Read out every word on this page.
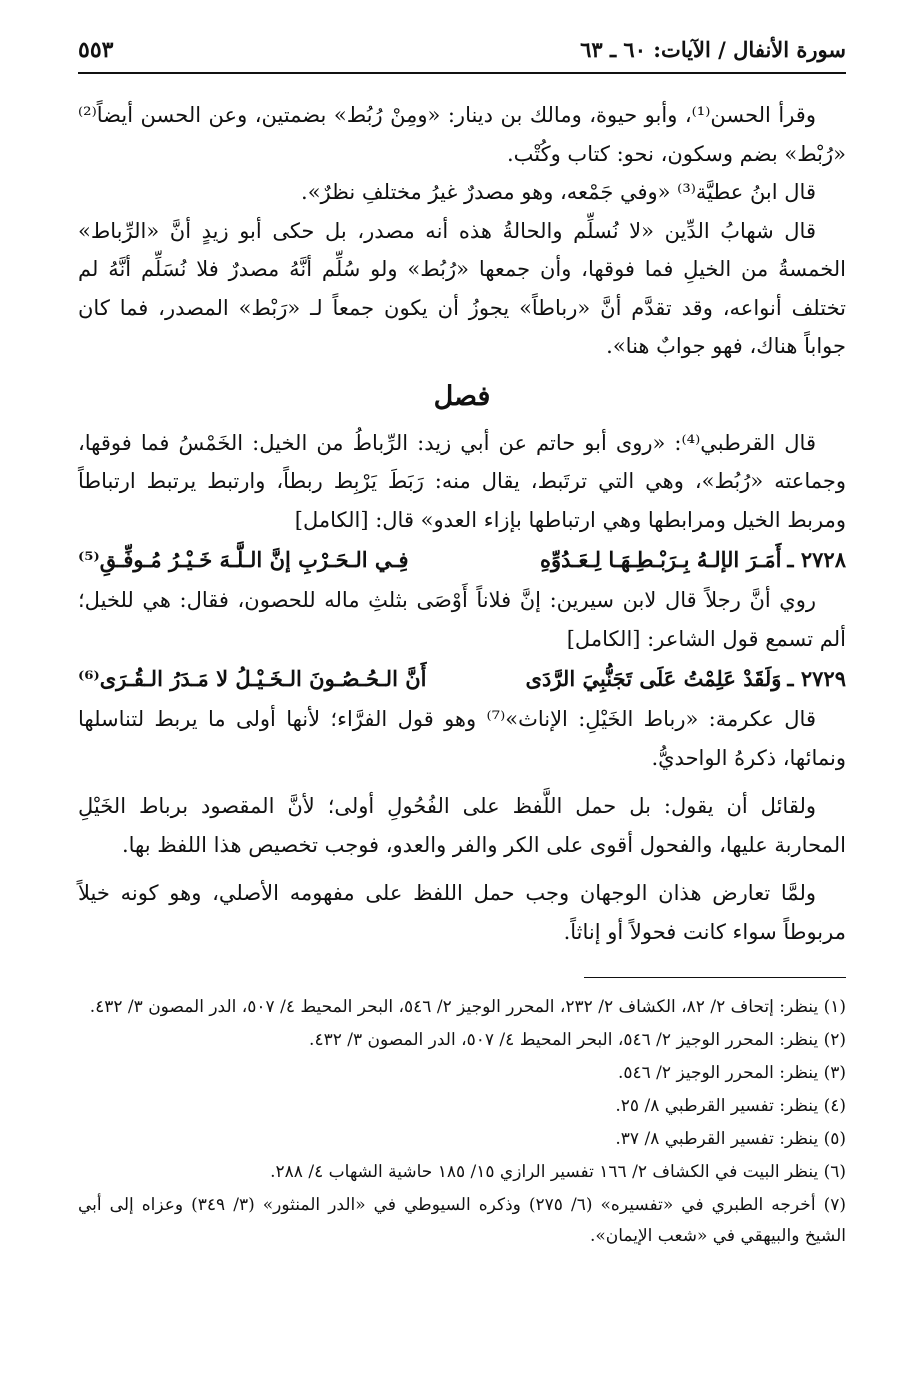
سورة الأنفال / الآيات: ٦٠ ـ ٦٣
٥٥٣

وقرأ الحسن⁽¹⁾، وأبو حيوة، ومالك بن دينار: «ومِنْ رُبُط» بضمتين، وعن الحسن أيضاً⁽²⁾ «رُبْط» بضم وسكون، نحو: كتاب وكُتْب.

قال ابنُ عطيَّة⁽³⁾ «وفي جَمْعه، وهو مصدرٌ غيرُ مختلفِ نظرٌ».

قال شهابُ الدِّين «لا نُسلِّم والحالةُ هذه أنه مصدر، بل حكى أبو زيدٍ أنَّ «الرِّباط» الخمسةُ من الخيلِ فما فوقها، وأن جمعها «رُبُط» ولو سُلِّم أنَّهُ مصدرٌ فلا نُسَلِّم أنَّهُ لم تختلف أنواعه، وقد تقدَّم أنَّ «رباطاً» يجوزُ أن يكون جمعاً لـ «رَبْط» المصدر، فما كان جواباً هناك، فهو جوابٌ هنا».

فصل

قال القرطبي⁽⁴⁾: «روى أبو حاتم عن أبي زيد: الرِّباطُ من الخيل: الخَمْسُ فما فوقها، وجماعته «رُبُط»، وهي التي ترتَبط، يقال منه: رَبَطَ يَرْبِط ربطاً، وارتبط يرتبط ارتباطاً ومربط الخيل ومرابطها وهي ارتباطها بإزاء العدو» قال: [الكامل]

٢٧٢٨ ـ
أَمَـرَ الإلـهُ بِـرَبْـطِـهَـا لِـعَـدُوِّهِ
فِـي الـحَـرْبِ إنَّ الـلَّـهَ خَـيْـرُ مُـوفِّـقِ⁽⁵⁾

روي أنَّ رجلاً قال لابن سيرين: إنَّ فلاناً أَوْصَى بثلثِ ماله للحصون، فقال: هي للخيل؛ ألم تسمع قول الشاعر: [الكامل]

٢٧٢٩ ـ
وَلَقَدْ عَلِمْتُ عَلَى تَجَنُّبِيَ الرَّدَى
أَنَّ الـحُـصُـونَ الـخَـيْـلُ لا مَـدَرُ الـقُـرَى⁽⁶⁾

قال عكرمة: «رباط الخَيْلِ: الإناث»⁽⁷⁾ وهو قول الفرَّاء؛ لأنها أولى ما يربط لتناسلها ونمائها، ذكرهُ الواحديُّ.

ولقائل أن يقول: بل حمل اللَّفظ على الفُحُولِ أولى؛ لأنَّ المقصود برباط الخَيْلِ المحاربة عليها، والفحول أقوى على الكر والفر والعدو، فوجب تخصيص هذا اللفظ بها.

ولمَّا تعارض هذان الوجهان وجب حمل اللفظ على مفهومه الأصلي، وهو كونه خيلاً مربوطاً سواء كانت فحولاً أو إناثاً.

(١) ينظر: إتحاف ٢/ ٨٢، الكشاف ٢/ ٢٣٢، المحرر الوجيز ٢/ ٥٤٦، البحر المحيط ٤/ ٥٠٧، الدر المصون ٣/ ٤٣٢.

(٢) ينظر: المحرر الوجيز ٢/ ٥٤٦، البحر المحيط ٤/ ٥٠٧، الدر المصون ٣/ ٤٣٢.

(٣) ينظر: المحرر الوجيز ٢/ ٥٤٦.

(٤) ينظر: تفسير القرطبي ٨/ ٢٥.

(٥) ينظر: تفسير القرطبي ٨/ ٣٧.

(٦) ينظر البيت في الكشاف ٢/ ١٦٦ تفسير الرازي ١٥/ ١٨٥ حاشية الشهاب ٤/ ٢٨٨.

(٧) أخرجه الطبري في «تفسيره» (٦/ ٢٧٥) وذكره السيوطي في «الدر المنثور» (٣/ ٣٤٩) وعزاه إلى أبي الشيخ والبيهقي في «شعب الإيمان».
